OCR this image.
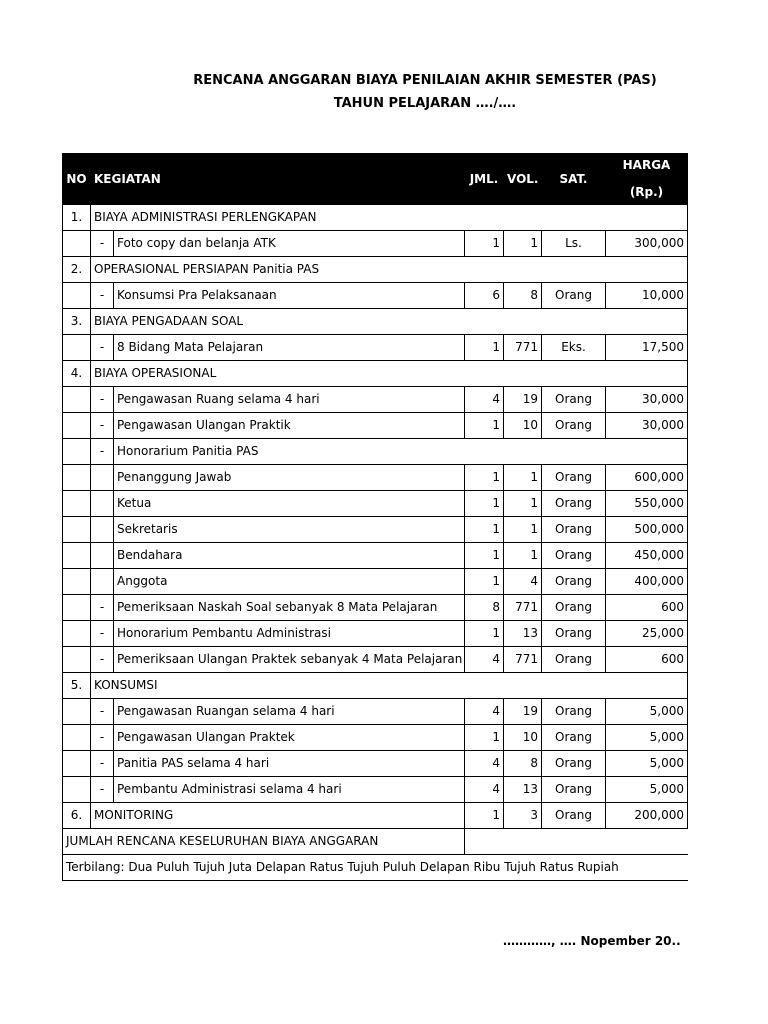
RENCANA ANGGARAN BIAYA PENILAIAN AKHIR SEMESTER (PAS)
TAHUN PELAJARAN …./….
NO	KEGIATAN		JML.	VOL.	SAT.	HARGA
(Rp.)

1.	BIAYA ADMINISTRASI PERLENGKAPAN					
	-	Foto copy dan belanja ATK	1	1	Ls.	300,000
2.	OPERASIONAL PERSIAPAN Panitia PAS					
	-	Konsumsi Pra Pelaksanaan	6	8	Orang	10,000
3.	BIAYA PENGADAAN SOAL					
	-	8 Bidang Mata Pelajaran	1	771	Eks.	17,500
4.	BIAYA OPERASIONAL					
	-	Pengawasan Ruang selama 4 hari	4	19	Orang	30,000
	-	Pengawasan Ulangan Praktik	1	10	Orang	30,000
	-	Honorarium Panitia PAS				
		Penanggung Jawab	1	1	Orang	600,000
		Ketua	1	1	Orang	550,000
		Sekretaris	1	1	Orang	500,000
		Bendahara	1	1	Orang	450,000
		Anggota	1	4	Orang	400,000
	-	Pemeriksaan Naskah Soal sebanyak 8 Mata Pelajaran	8	771	Orang	600
	-	Honorarium Pembantu Administrasi	1	13	Orang	25,000
	-	Pemeriksaan Ulangan Praktek sebanyak 4 Mata Pelajaran	4	771	Orang	600
5.	KONSUMSI					
	-	Pengawasan Ruangan selama 4 hari	4	19	Orang	5,000
	-	Pengawasan Ulangan Praktek	1	10	Orang	5,000
	-	Panitia PAS selama 4 hari	4	8	Orang	5,000
	-	Pembantu Administrasi selama 4 hari	4	13	Orang	5,000
6.	MONITORING		1	3	Orang	200,000
JUMLAH RENCANA KESELURUHAN BIAYA ANGGARAN						
Terbilang: Dua Puluh Tujuh Juta Delapan Ratus Tujuh Puluh Delapan Ribu Tujuh Ratus Rupiah						
…………, …. Nopember 20..
